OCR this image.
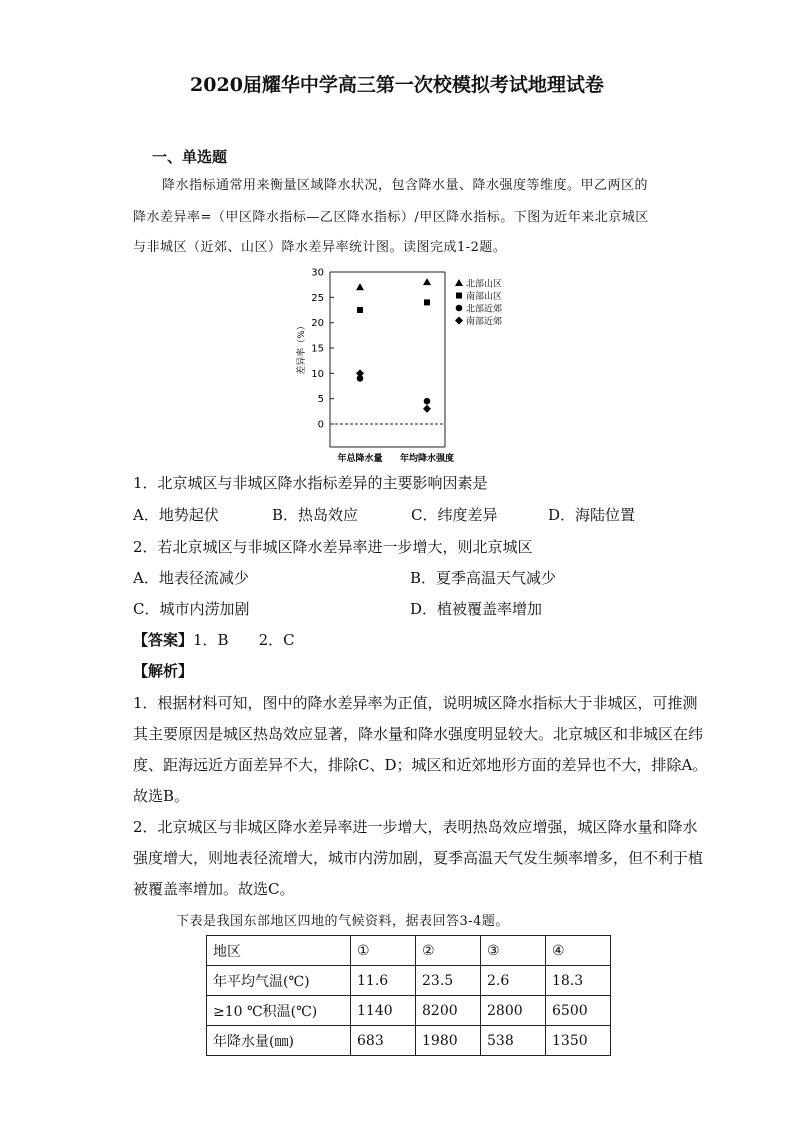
2020届耀华中学高三第一次校模拟考试地理试卷
一、单选题
降水指标通常用来衡量区域降水状况，包含降水量、降水强度等维度。甲乙两区的
降水差异率=（甲区降水指标—乙区降水指标）/甲区降水指标。下图为近年来北京城区
与非城区（近郊、山区）降水差异率统计图。读图完成1-2题。
0
5
10
15
20
25
30
差异率（%）
年总降水量 年均降水强度
北部山区
南部山区
北部近郊
南部近郊
1．北京城区与非城区降水指标差异的主要影响因素是
A．地势起伏	B．热岛效应	C．纬度差异	D．海陆位置
2．若北京城区与非城区降水差异率进一步增大，则北京城区
A．地表径流减少	B．夏季高温天气减少
C．城市内涝加剧	D．植被覆盖率增加
【答案】1．B　　2．C
【解析】
1．根据材料可知，图中的降水差异率为正值，说明城区降水指标大于非城区，可推测
其主要原因是城区热岛效应显著，降水量和降水强度明显较大。北京城区和非城区在纬
度、距海远近方面差异不大，排除C、D；城区和近郊地形方面的差异也不大，排除A。
故选B。
2．北京城区与非城区降水差异率进一步增大，表明热岛效应增强，城区降水量和降水
强度增大，则地表径流增大，城市内涝加剧，夏季高温天气发生频率增多，但不利于植
被覆盖率增加。故选C。
下表是我国东部地区四地的气候资料，据表回答3-4题。
地区	①	②	③	④
年平均气温(℃)	11.6	23.5	2.6	18.3
≥10 ℃积温(℃)	1140	8200	2800	6500
年降水量(㎜)	683	1980	538	1350
